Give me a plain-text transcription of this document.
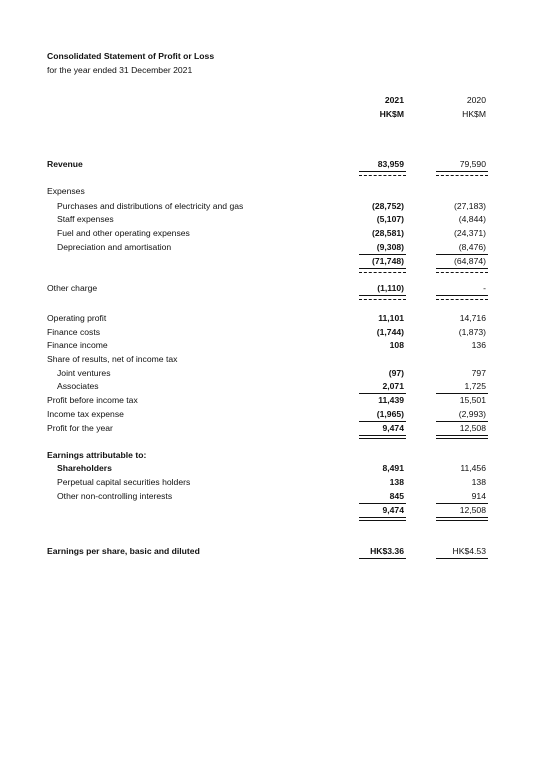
Consolidated Statement of Profit or Loss
for the year ended 31 December 2021
2021	2020
HK$M	HK$M
Revenue	83,959	79,590
Expenses
Purchases and distributions of electricity and gas	(28,752)	(27,183)
Staff expenses	(5,107)	(4,844)
Fuel and other operating expenses	(28,581)	(24,371)
Depreciation and amortisation	(9,308)	(8,476)
(71,748)	(64,874)
Other charge	(1,110)	-
Operating profit	11,101	14,716
Finance costs	(1,744)	(1,873)
Finance income	108	136
Share of results, net of income tax
Joint ventures	(97)	797
Associates	2,071	1,725
Profit before income tax	11,439	15,501
Income tax expense	(1,965)	(2,993)
Profit for the year	9,474	12,508
Earnings attributable to:
Shareholders	8,491	11,456
Perpetual capital securities holders	138	138
Other non-controlling interests	845	914
9,474	12,508
Earnings per share, basic and diluted	HK$3.36	HK$4.53
